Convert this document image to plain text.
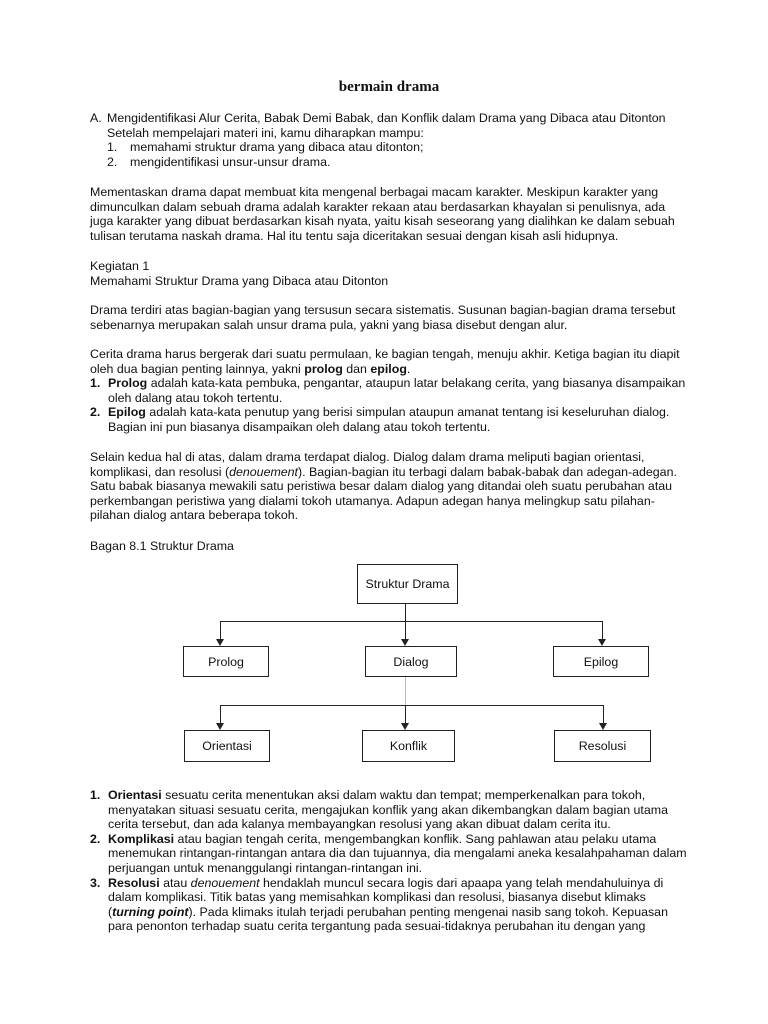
bermain drama
A. Mengidentifikasi Alur Cerita, Babak Demi Babak, dan Konflik dalam Drama yang Dibaca atau Ditonton
Setelah mempelajari materi ini, kamu diharapkan mampu:
1. memahami struktur drama yang dibaca atau ditonton;
2. mengidentifikasi unsur-unsur drama.
Mementaskan drama dapat membuat kita mengenal berbagai macam karakter. Meskipun karakter yang dimunculkan dalam sebuah drama adalah karakter rekaan atau berdasarkan khayalan si penulisnya, ada juga karakter yang dibuat berdasarkan kisah nyata, yaitu kisah seseorang yang dialihkan ke dalam sebuah tulisan terutama naskah drama. Hal itu tentu saja diceritakan sesuai dengan kisah asli hidupnya.
Kegiatan 1
Memahami Struktur Drama yang Dibaca atau Ditonton
Drama terdiri atas bagian-bagian yang tersusun secara sistematis. Susunan bagian-bagian drama tersebut sebenarnya merupakan salah unsur drama pula, yakni yang biasa disebut dengan alur.
Cerita drama harus bergerak dari suatu permulaan, ke bagian tengah, menuju akhir. Ketiga bagian itu diapit oleh dua bagian penting lainnya, yakni prolog dan epilog.
1. Prolog adalah kata-kata pembuka, pengantar, ataupun latar belakang cerita, yang biasanya disampaikan oleh dalang atau tokoh tertentu.
2. Epilog adalah kata-kata penutup yang berisi simpulan ataupun amanat tentang isi keseluruhan dialog. Bagian ini pun biasanya disampaikan oleh dalang atau tokoh tertentu.
Selain kedua hal di atas, dalam drama terdapat dialog. Dialog dalam drama meliputi bagian orientasi, komplikasi, dan resolusi (denouement). Bagian-bagian itu terbagi dalam babak-babak dan adegan-adegan. Satu babak biasanya mewakili satu peristiwa besar dalam dialog yang ditandai oleh suatu perubahan atau perkembangan peristiwa yang dialami tokoh utamanya. Adapun adegan hanya melingkup satu pilahan-pilahan dialog antara beberapa tokoh.
Bagan 8.1 Struktur Drama
1. Orientasi sesuatu cerita menentukan aksi dalam waktu dan tempat; memperkenalkan para tokoh, menyatakan situasi sesuatu cerita, mengajukan konflik yang akan dikembangkan dalam bagian utama cerita tersebut, dan ada kalanya membayangkan resolusi yang akan dibuat dalam cerita itu.
2. Komplikasi atau bagian tengah cerita, mengembangkan konflik. Sang pahlawan atau pelaku utama menemukan rintangan-rintangan antara dia dan tujuannya, dia mengalami aneka kesalahpahaman dalam perjuangan untuk menanggulangi rintangan-rintangan ini.
3. Resolusi atau denouement hendaklah muncul secara logis dari apaapa yang telah mendahuluinya di dalam komplikasi. Titik batas yang memisahkan komplikasi dan resolusi, biasanya disebut klimaks (turning point). Pada klimaks itulah terjadi perubahan penting mengenai nasib sang tokoh. Kepuasan para penonton terhadap suatu cerita tergantung pada sesuai-tidaknya perubahan itu dengan yang
Struktur Drama
Prolog	Dialog	Epilog
Orientasi	Konflik	Resolusi
